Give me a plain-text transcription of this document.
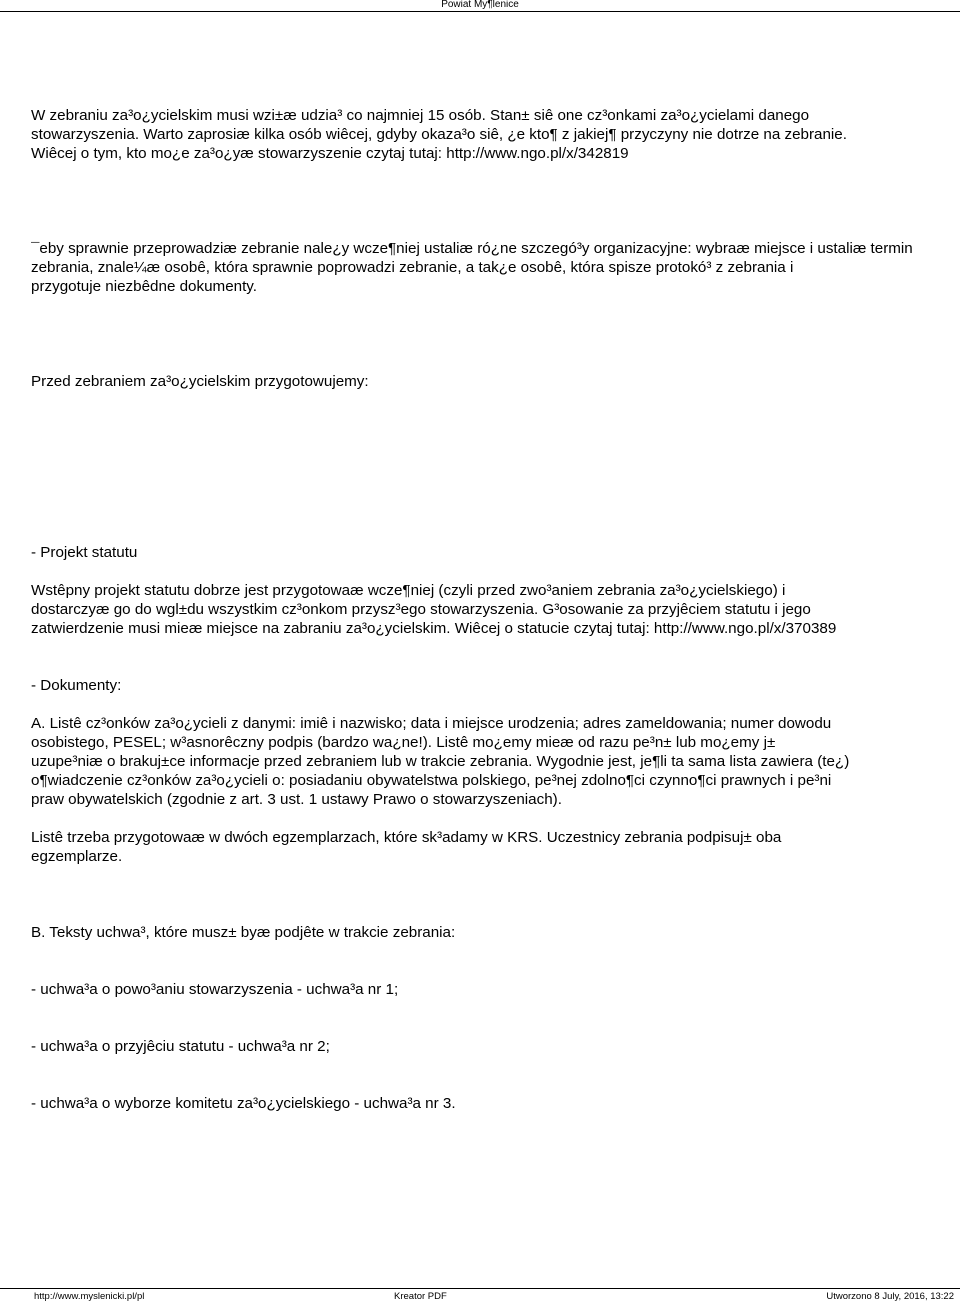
Powiat My¶lenice
W zebraniu za³o¿ycielskim musi wzi±æ udzia³ co najmniej 15 osób. Stan± siê one cz³onkami za³o¿ycielami danego
stowarzyszenia. Warto zaprosiæ kilka osób wiêcej, gdyby okaza³o siê, ¿e kto¶ z jakiej¶ przyczyny nie dotrze na zebranie.
Wiêcej o tym, kto mo¿e za³o¿yæ stowarzyszenie czytaj tutaj: http://www.ngo.pl/x/342819
¯eby sprawnie przeprowadziæ zebranie nale¿y wcze¶niej ustaliæ ró¿ne szczegó³y organizacyjne: wybraæ miejsce i ustaliæ termin
zebrania, znale¼æ osobê, która sprawnie poprowadzi zebranie, a tak¿e osobê, która spisze protokó³ z zebrania i
przygotuje niezbêdne dokumenty.
Przed zebraniem za³o¿ycielskim przygotowujemy:
- Projekt statutu
Wstêpny projekt statutu dobrze jest przygotowaæ wcze¶niej (czyli przed zwo³aniem zebrania za³o¿ycielskiego) i
dostarczyæ go do wgl±du wszystkim cz³onkom przysz³ego stowarzyszenia. G³osowanie za przyjêciem statutu i jego
zatwierdzenie musi mieæ miejsce na zabraniu za³o¿ycielskim. Wiêcej o statucie czytaj tutaj: http://www.ngo.pl/x/370389
- Dokumenty:
A. Listê cz³onków za³o¿ycieli z danymi: imiê i nazwisko; data i miejsce urodzenia; adres zameldowania; numer dowodu
osobistego, PESEL; w³asnorêczny podpis (bardzo wa¿ne!). Listê mo¿emy mieæ od razu pe³n± lub mo¿emy j±
uzupe³niæ o brakuj±ce informacje przed zebraniem lub w trakcie zebrania. Wygodnie jest, je¶li ta sama lista zawiera (te¿)
o¶wiadczenie cz³onków za³o¿ycieli o: posiadaniu obywatelstwa polskiego, pe³nej zdolno¶ci czynno¶ci prawnych i pe³ni
praw obywatelskich (zgodnie z art. 3 ust. 1 ustawy Prawo o stowarzyszeniach).
Listê trzeba przygotowaæ w dwóch egzemplarzach, które sk³adamy w KRS. Uczestnicy zebrania podpisuj± oba
egzemplarze.
B. Teksty uchwa³, które musz± byæ podjête w trakcie zebrania:
- uchwa³a o powo³aniu stowarzyszenia - uchwa³a nr 1;
- uchwa³a o przyjêciu statutu - uchwa³a nr 2;
- uchwa³a o wyborze komitetu za³o¿ycielskiego - uchwa³a nr 3.
http://www.myslenicki.pl/pl	Kreator PDF	Utworzono 8 July, 2016, 13:22
